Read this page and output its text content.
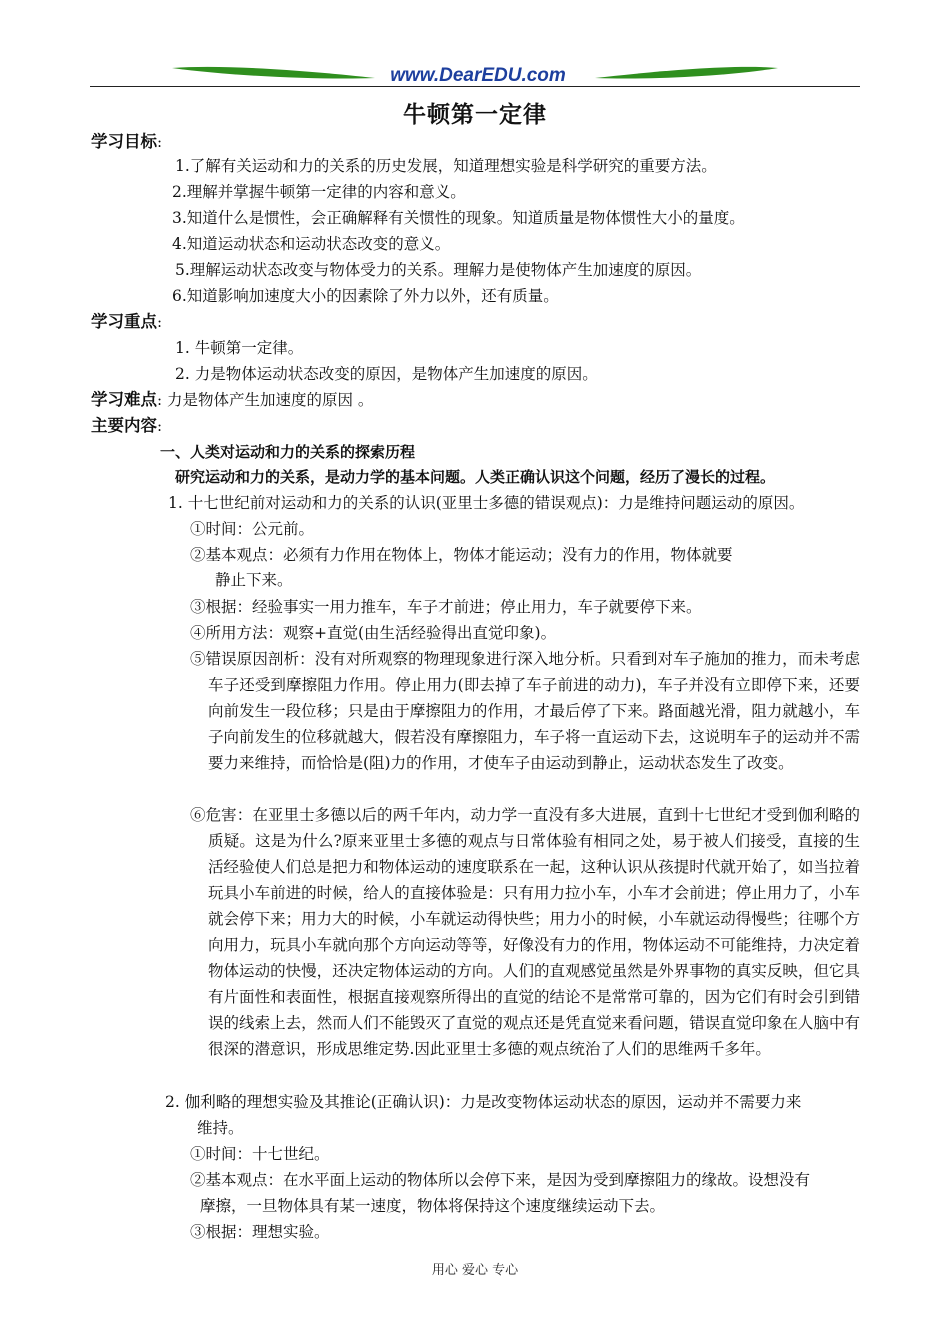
www.DearEDU.com
牛顿第一定律
学习目标:
1.了解有关运动和力的关系的历史发展，知道理想实验是科学研究的重要方法。
2.理解并掌握牛顿第一定律的内容和意义。
3.知道什么是惯性，会正确解释有关惯性的现象。知道质量是物体惯性大小的量度。
4.知道运动状态和运动状态改变的意义。
5.理解运动状态改变与物体受力的关系。理解力是使物体产生加速度的原因。
6.知道影响加速度大小的因素除了外力以外，还有质量。
学习重点:
1. 牛顿第一定律。
2. 力是物体运动状态改变的原因，是物体产生加速度的原因。
学习难点: 力是物体产生加速度的原因 。
主要内容:
一、人类对运动和力的关系的探索历程
研究运动和力的关系，是动力学的基本问题。人类正确认识这个问题，经历了漫长的过程。
1. 十七世纪前对运动和力的关系的认识(亚里士多德的错误观点)：力是维持问题运动的原因。
①时间：公元前。
②基本观点：必须有力作用在物体上，物体才能运动；没有力的作用，物体就要
静止下来。
③根据：经验事实一用力推车，车子才前进；停止用力，车子就要停下来。
④所用方法：观察+直觉(由生活经验得出直觉印象)。
⑤错误原因剖析：没有对所观察的物理现象进行深入地分析。只看到对车子施加的推力，而未考虑车子还受到摩擦阻力作用。停止用力(即去掉了车子前进的动力)，车子并没有立即停下来，还要向前发生一段位移；只是由于摩擦阻力的作用，才最后停了下来。路面越光滑，阻力就越小，车子向前发生的位移就越大，假若没有摩擦阻力，车子将一直运动下去，这说明车子的运动并不需要力来维持，而恰恰是(阻)力的作用，才使车子由运动到静止，运动状态发生了改变。
⑥危害：在亚里士多德以后的两千年内，动力学一直没有多大进展，直到十七世纪才受到伽利略的质疑。这是为什么?原来亚里士多德的观点与日常体验有相同之处，易于被人们接受，直接的生活经验使人们总是把力和物体运动的速度联系在一起，这种认识从孩提时代就开始了，如当拉着玩具小车前进的时候，给人的直接体验是：只有用力拉小车，小车才会前进；停止用力了，小车就会停下来；用力大的时候，小车就运动得快些；用力小的时候，小车就运动得慢些；往哪个方向用力，玩具小车就向那个方向运动等等，好像没有力的作用，物体运动不可能维持，力决定着物体运动的快慢，还决定物体运动的方向。人们的直观感觉虽然是外界事物的真实反映，但它具有片面性和表面性，根据直接观察所得出的直觉的结论不是常常可靠的，因为它们有时会引到错误的线索上去，然而人们不能毁灭了直觉的观点还是凭直觉来看问题，错误直觉印象在人脑中有很深的潜意识，形成思维定势.因此亚里士多德的观点统治了人们的思维两千多年。
2. 伽利略的理想实验及其推论(正确认识)：力是改变物体运动状态的原因，运动并不需要力来
维持。
①时间：十七世纪。
②基本观点：在水平面上运动的物体所以会停下来，是因为受到摩擦阻力的缘故。设想没有
摩擦，一旦物体具有某一速度，物体将保持这个速度继续运动下去。
③根据：理想实验。
用心 爱心 专心
